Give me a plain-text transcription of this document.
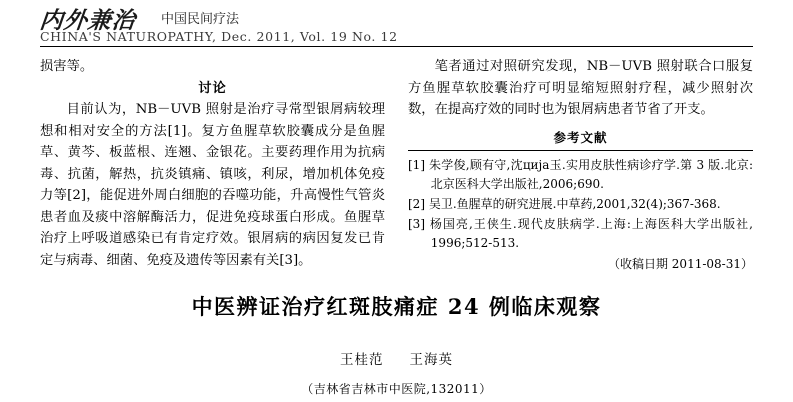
内外兼治 中国民间疗法
CHINA'S NATUROPATHY, Dec. 2011, Vol. 19 No. 12

损害等。

讨论

目前认为，NB－UVB 照射是治疗寻常型银屑病较理想和相对安全的方法[1]。复方鱼腥草软胶囊成分是鱼腥草、黄芩、板蓝根、连翘、金银花。主要药理作用为抗病毒、抗菌，解热，抗炎镇痛、镇咳，利尿，增加机体免疫力等[2]，能促进外周白细胞的吞噬功能，升高慢性气管炎患者血及痰中溶解酶活力，促进免疫球蛋白形成。鱼腥草治疗上呼吸道感染已有肯定疗效。银屑病的病因复发已肯定与病毒、细菌、免疫及遗传等因素有关[3]。

笔者通过对照研究发现，NB－UVB 照射联合口服复方鱼腥草软胶囊治疗可明显缩短照射疗程，减少照射次数，在提高疗效的同时也为银屑病患者节省了开支。

参考文献
[1] 朱学俊,顾有守,沈ција玉.实用皮肤性病诊疗学.第 3 版.北京:北京医科大学出版社,2006;690.
[2] 吴卫.鱼腥草的研究进展.中草药,2001,32(4);367-368.
[3] 杨国亮,王侠生.现代皮肤病学.上海:上海医科大学出版社, 1996;512-513.
（收稿日期 2011-08-31）
中医辨证治疗红斑肢痛症 24 例临床观察
王桂范 王海英
（吉林省吉林市中医院,132011）
